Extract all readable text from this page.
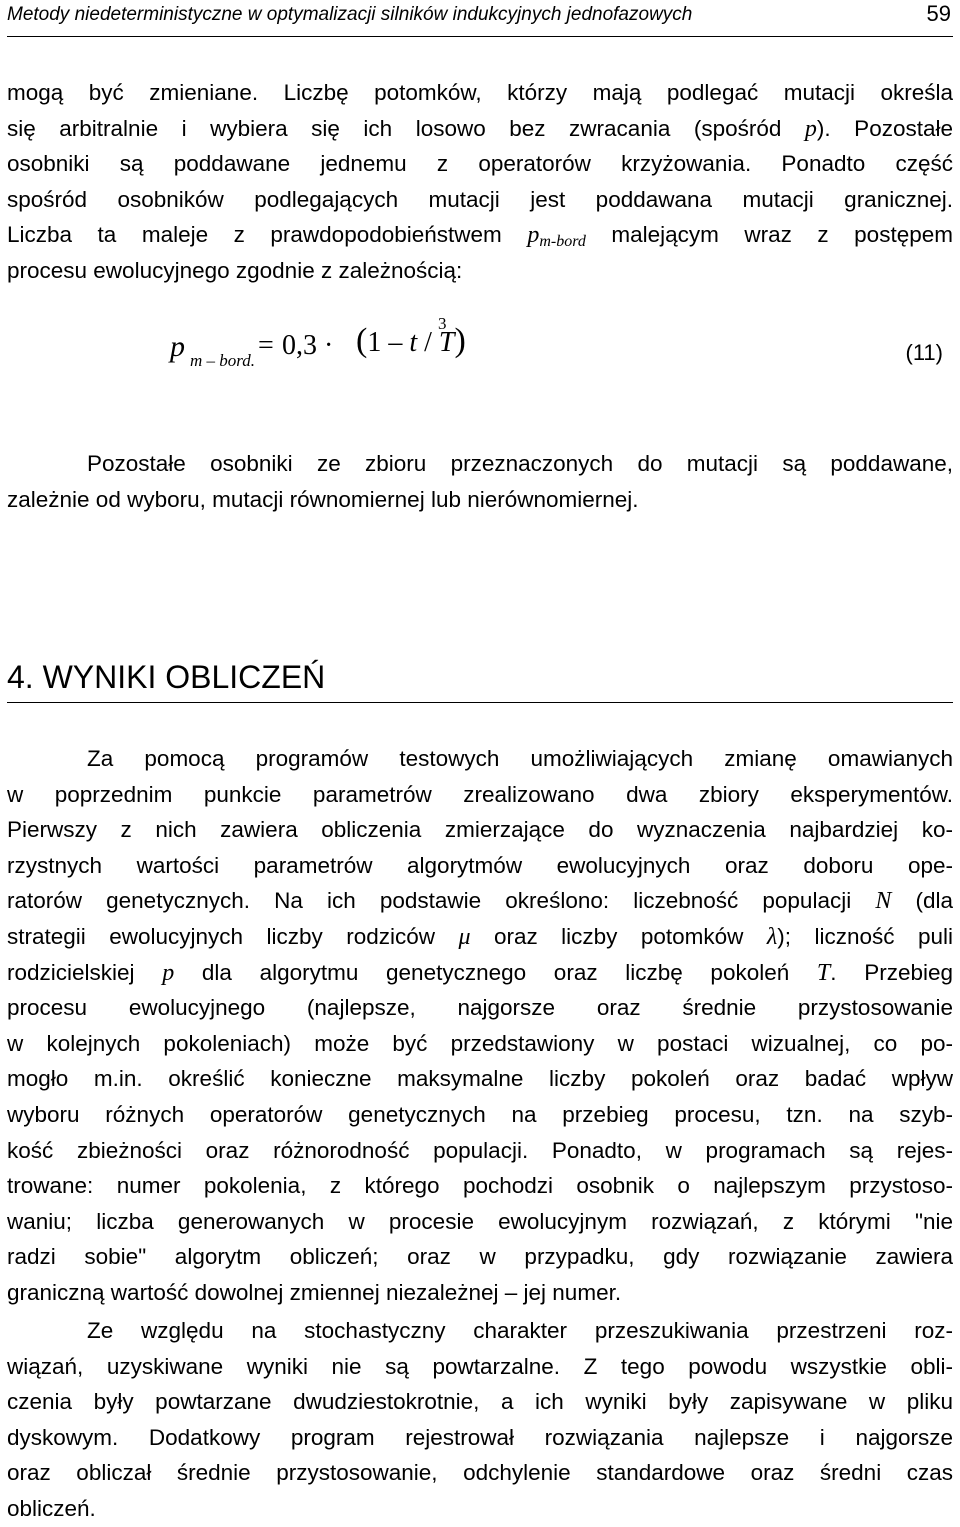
Metody niedeterministyczne w optymalizacji silników indukcyjnych jednofazowych	59
mogą być zmieniane. Liczbę potomków, którzy mają podlegać mutacji określa
się arbitralnie i wybiera się ich losowo bez zwracania (spośród p). Pozostałe
osobniki są poddawane jednemu z operatorów krzyżowania. Ponadto część
spośród osobników podlegających mutacji jest poddawana mutacji granicznej.
Liczba ta maleje z prawdopodobieństwem $p_{m-bord}$ malejącym wraz z postępem
procesu ewolucyjnego zgodnie z zależnością:
p m – bord. = 0,3 · (1 – t / T)
3
(11)
Pozostałe osobniki ze zbioru przeznaczonych do mutacji są poddawane,
zależnie od wyboru, mutacji równomiernej lub nierównomiernej.
4. WYNIKI OBLICZEŃ
Za pomocą programów testowych umożliwiających zmianę omawianych
w poprzednim punkcie parametrów zrealizowano dwa zbiory eksperymentów.
Pierwszy z nich zawiera obliczenia zmierzające do wyznaczenia najbardziej ko-
rzystnych wartości parametrów algorytmów ewolucyjnych oraz doboru ope-
ratorów genetycznych. Na ich podstawie określono: liczebność populacji N (dla
strategii ewolucyjnych liczby rodziców μ oraz liczby potomków λ); liczność puli
rodzicielskiej p dla algorytmu genetycznego oraz liczbę pokoleń T. Przebieg
procesu ewolucyjnego (najlepsze, najgorsze oraz średnie przystosowanie
w kolejnych pokoleniach) może być przedstawiony w postaci wizualnej, co po-
mogło m.in. określić konieczne maksymalne liczby pokoleń oraz badać wpływ
wyboru różnych operatorów genetycznych na przebieg procesu, tzn. na szyb-
kość zbieżności oraz różnorodność populacji. Ponadto, w programach są rejes-
trowane: numer pokolenia, z którego pochodzi osobnik o najlepszym przystoso-
waniu; liczba generowanych w procesie ewolucyjnym rozwiązań, z którymi "nie
radzi sobie" algorytm obliczeń; oraz w przypadku, gdy rozwiązanie zawiera
graniczną wartość dowolnej zmiennej niezależnej – jej numer.
Ze względu na stochastyczny charakter przeszukiwania przestrzeni roz-
wiązań, uzyskiwane wyniki nie są powtarzalne. Z tego powodu wszystkie obli-
czenia były powtarzane dwudziestokrotnie, a ich wyniki były zapisywane w pliku
dyskowym. Dodatkowy program rejestrował rozwiązania najlepsze i najgorsze
oraz obliczał średnie przystosowanie, odchylenie standardowe oraz średni czas
obliczeń.
